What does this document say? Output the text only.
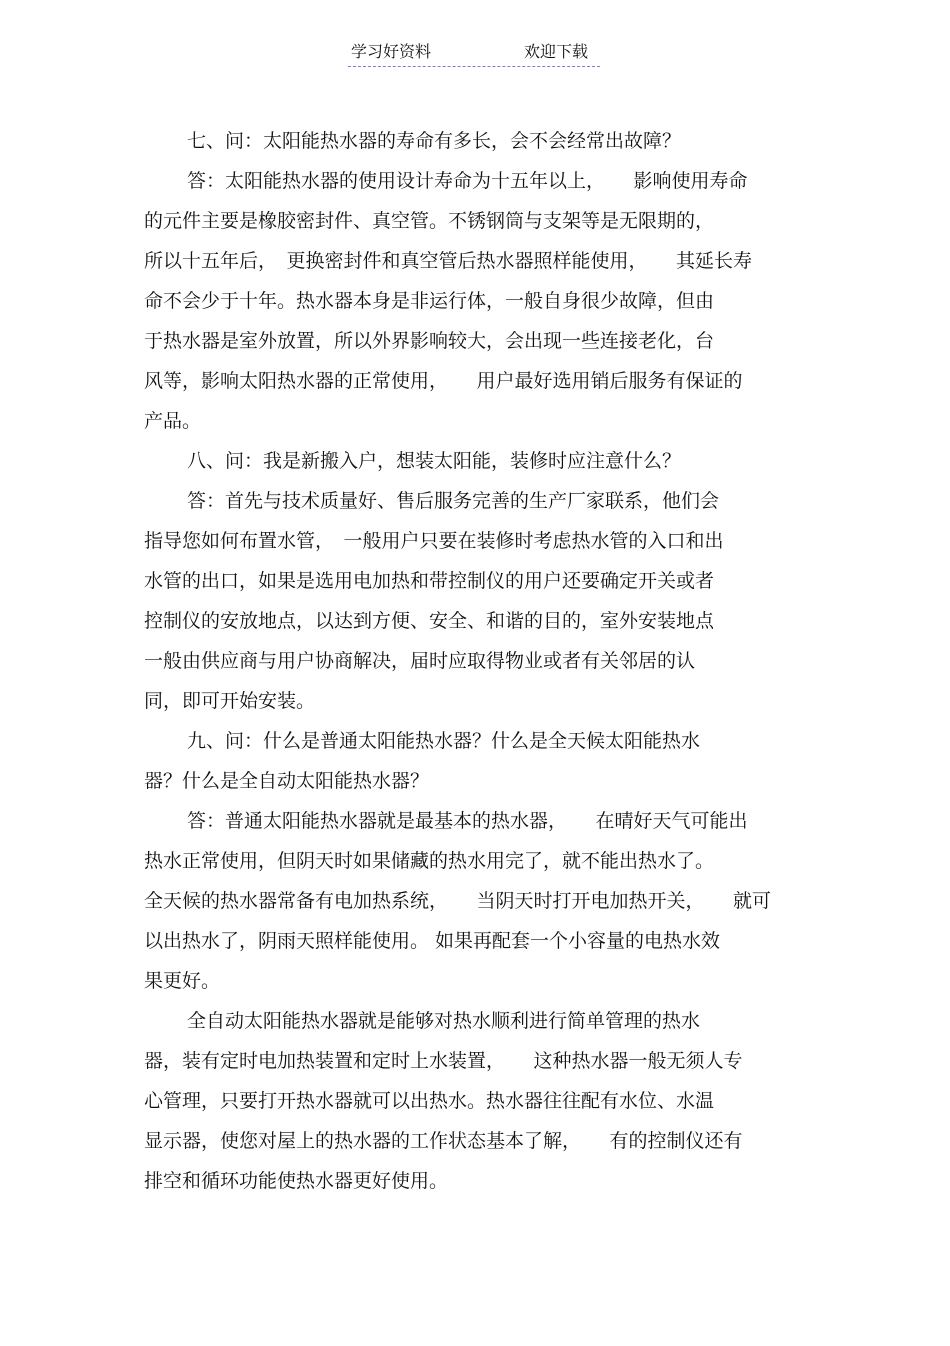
学习好资料	欢迎下载

七、问：太阳能热水器的寿命有多长，会不会经常出故障？

答：太阳能热水器的使用设计寿命为十五年以上，　　影响使用寿命

的元件主要是橡胶密封件、真空管。不锈钢筒与支架等是无限期的，

所以十五年后，　更换密封件和真空管后热水器照样能使用，　　其延长寿

命不会少于十年。热水器本身是非运行体，一般自身很少故障，但由

于热水器是室外放置，所以外界影响较大，会出现一些连接老化，台

风等，影响太阳热水器的正常使用，　　用户最好选用销后服务有保证的

产品。

八、问：我是新搬入户，想装太阳能，装修时应注意什么？

答：首先与技术质量好、售后服务完善的生产厂家联系，他们会

指导您如何布置水管，　一般用户只要在装修时考虑热水管的入口和出

水管的出口，如果是选用电加热和带控制仪的用户还要确定开关或者

控制仪的安放地点，以达到方便、安全、和谐的目的，室外安装地点

一般由供应商与用户协商解决，届时应取得物业或者有关邻居的认

同，即可开始安装。

九、问：什么是普通太阳能热水器？什么是全天候太阳能热水

器？什么是全自动太阳能热水器？

答：普通太阳能热水器就是最基本的热水器，　　在晴好天气可能出

热水正常使用，但阴天时如果储藏的热水用完了，就不能出热水了。

全天候的热水器常备有电加热系统，　　当阴天时打开电加热开关，　　就可

以出热水了，阴雨天照样能使用。 如果再配套一个小容量的电热水效

果更好。

全自动太阳能热水器就是能够对热水顺利进行简单管理的热水

器，装有定时电加热装置和定时上水装置，　　这种热水器一般无须人专

心管理，只要打开热水器就可以出热水。热水器往往配有水位、水温

显示器，使您对屋上的热水器的工作状态基本了解，　　有的控制仪还有

排空和循环功能使热水器更好使用。
